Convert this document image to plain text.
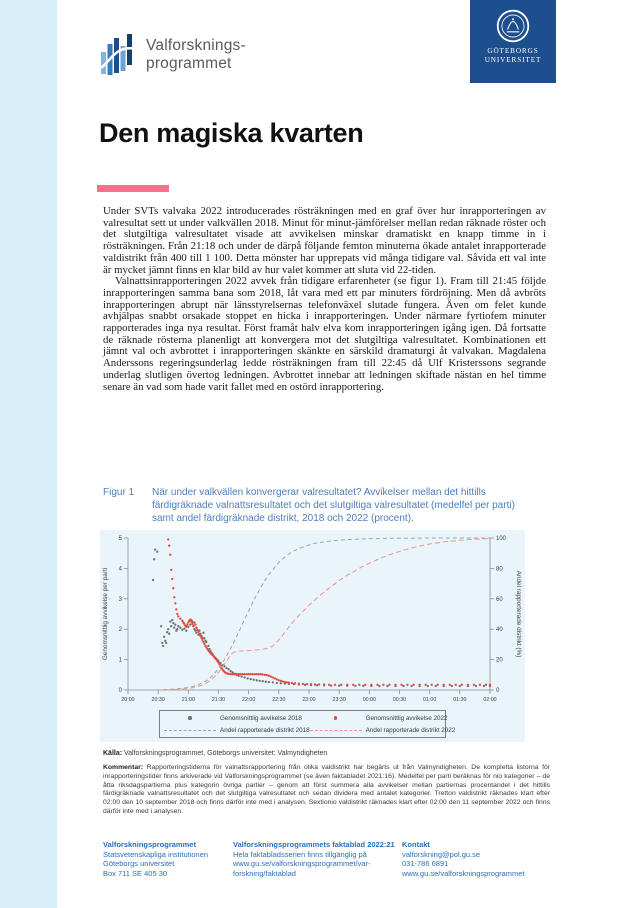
Valforsknings-
programmet
GÖTEBORGS
UNIVERSITET
Den magiska kvarten

Under SVTs valvaka 2022 introducerades rösträkningen med en graf över hur inrapporteringen av valresultat sett ut under valkvällen 2018. Minut för minut-jämförelser mellan redan räknade röster och det slutgiltiga valresultatet visade att avvikelsen minskar dramatiskt en knapp timme in i rösträkningen. Från 21:18 och under de därpå följande femton minuterna ökade antalet inrapporterade valdistrikt från 400 till 1 100. Detta mönster har upprepats vid många tidigare val. Såvida ett val inte är mycket jämnt finns en klar bild av hur valet kommer att sluta vid 22-tiden.

Valnattsinrapporteringen 2022 avvek från tidigare erfarenheter (se figur 1). Fram till 21:45 följde inrapporteringen samma bana som 2018, låt vara med ett par minuters fördröjning. Men då avbröts inrapporteringen abrupt när länsstyrelsernas telefonväxel slutade fungera. Även om felet kunde avhjälpas snabbt orsakade stoppet en hicka i inrapporteringen. Under närmare fyrtiofem minuter rapporterades inga nya resultat. Först framåt halv elva kom inrapporteringen igång igen. Då fortsatte de räknade rösterna planenligt att konvergera mot det slutgiltiga valresultatet. Kombinationen ett jämnt val och avbrottet i inrapporteringen skänkte en särskild dramaturgi åt valvakan. Magdalena Anderssons regeringsunderlag ledde rösträkningen fram till 22:45 då Ulf Kristerssons segrande underlag slutligen övertog ledningen. Avbrottet innebar att ledningen skiftade nästan en hel timme senare än vad som hade varit fallet med en ostörd inrapportering.

Figur 1	När under valkvällen konvergerar valresultatet? Avvikelser mellan det hittills färdigräknade valnattsresultatet och det slutgiltiga valresultatet (medelfel per parti) samt andel färdigräknade distrikt, 2018 och 2022 (procent).
0
1
2
3
4
5
0
20
40
60
80
100
20:00	20:30	21:00	21:30	22:00	22:30	23:00	23:30	00:00	00:30	01:00	01:30	02:00
Genomsnittlig avvikelse per parti	Andel rapporterade distrikt (%)
Genomsnittlig avvikelse 2018	Genomsnittlig avvikelse 2022
Andel rapporterade distrikt 2018	Andel rapporterade distrikt 2022

Källa: Valforskningsprogrammet, Göteborgs universitet: Valmyndigheten

Kommentar: Rapporteringstiderna för valnattsrapportering från olika valdistrikt har begärts ut från Valmyndigheten. De kompletta listorna för inrapporteringstider finns arkiverade vid Valforskningsprogrammet (se även faktabladet 2021:16). Medelfel per parti beräknas för nio kategorier – de åtta riksdagspartierna plus kategorin övriga partier – genom att först summera alla avvikelser mellan partiernas procentandel i det hittills färdigräknade valnattsresultatet och det slutgiltiga valresultatet och sedan dividera med antalet kategorier. Tretton valdistrikt räknades klart efter 02:00 den 10 september 2018 och finns därför inte med i analysen. Sextionio valdistrikt räknades klart efter 02:00 den 11 september 2022 och finns därför inte med i analysen.

Valforskningsprogrammet
Statsvetenskapliga institutionen
Göteborgs universitet
Box 711 SE 405 30
Valforskningsprogrammets faktablad 2022:21
Hela faktabladsserien finns tillgänglig på
www.gu.se/valforskningsprogrammet/var-
forskning/faktablad
Kontakt
valforskning@pol.gu.se
031-786 6891
www.gu.se/valforskningsprogrammet
